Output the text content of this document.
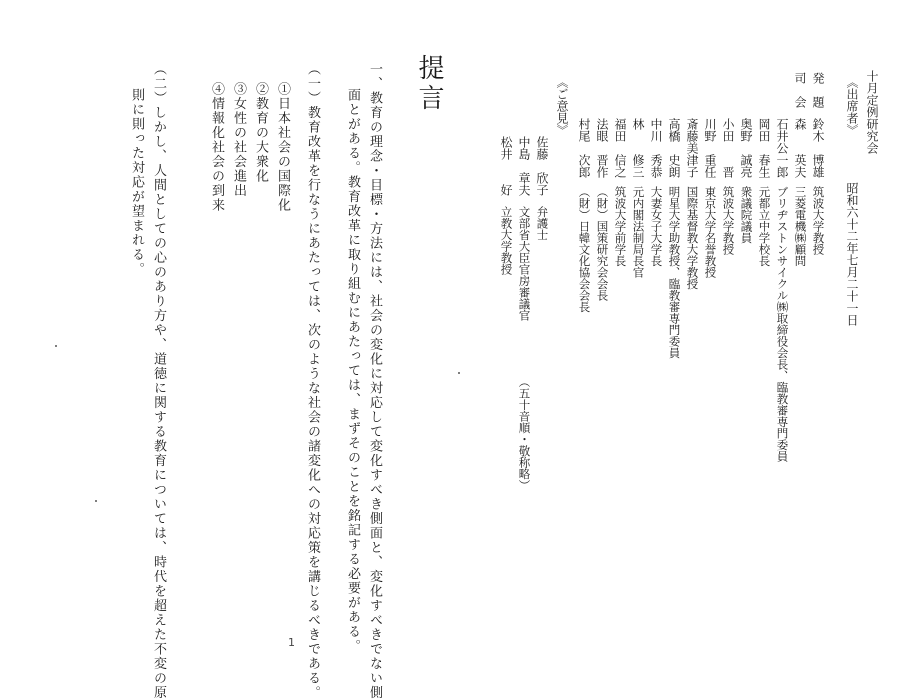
十月定例研究会
昭和六十二年七月二十一日
《出席者》
発　題
司　会
鈴木　博雄
森　　英夫
石井公一郎
岡田　春生
奥野　誠亮
小田　　晋
川野　重任
斎藤美津子
高橋　史朗
中川　秀恭
林　　修三
福田　信之
法眼　晋作
村尾　次郎
筑波大学教授
三菱電機㈱顧問
ブリヂストンサイクル㈱取締役会長、臨教審専門委員
元都立中学校長
衆議院議員
筑波大学教授
東京大学名誉教授
国際基督教大学教授
明星大学助教授、臨教審専門委員
大妻女子大学長
元内閣法制局長官
筑波大学前学長
（財）国策研究会会長
（財）日韓文化協会会長
《ご意見》
佐藤　欣子
中島　章夫
松井　　好
弁護士
文部省大臣官房審議官
立教大学教授
（五十音順・敬称略）
提言
一、教育の理念・目標・方法には、社会の変化に対応して変化すべき側面と、変化すべきでない側
面とがある。教育改革に取り組むにあたっては、まずそのことを銘記する必要がある。
（一）教育改革を行なうにあたっては、次のような社会の諸変化への対応策を講じるべきである。
①日本社会の国際化
②教育の大衆化
③女性の社会進出
④情報化社会の到来
（二）しかし、人間としての心のあり方や、道徳に関する教育については、時代を超えた不変の原
則に則った対応が望まれる。
1
